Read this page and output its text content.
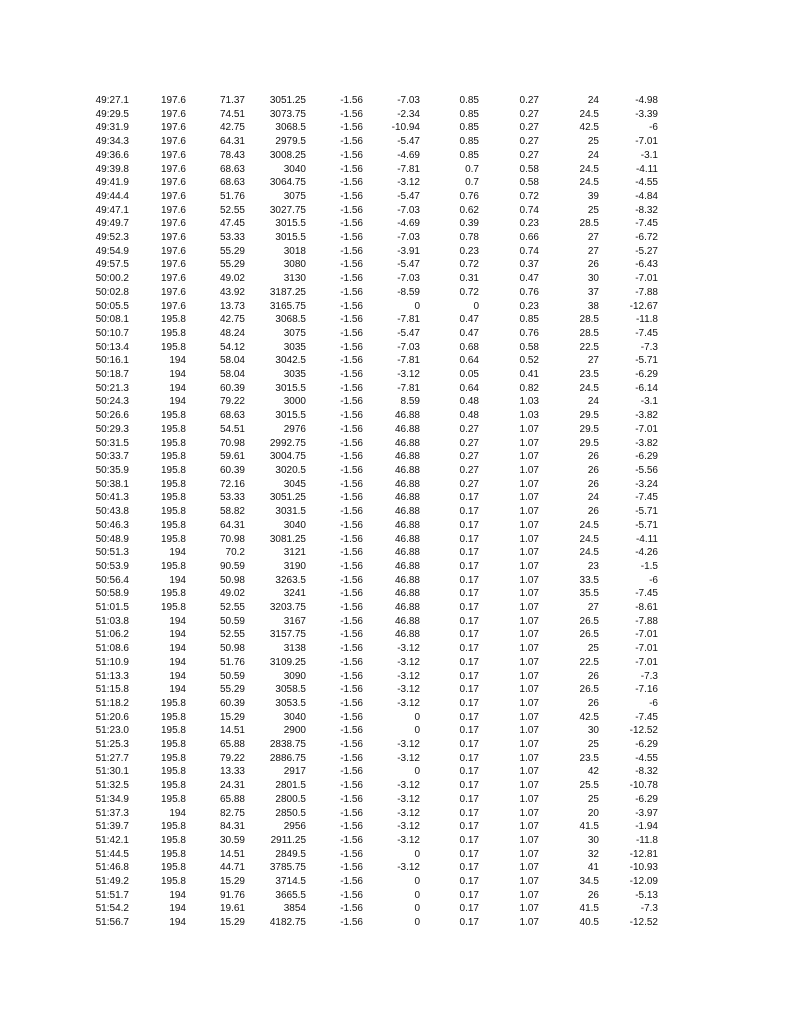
49:27.1	197.6	71.37	3051.25	-1.56	-7.03	0.85	0.27	24	-4.98
49:29.5	197.6	74.51	3073.75	-1.56	-2.34	0.85	0.27	24.5	-3.39
49:31.9	197.6	42.75	3068.5	-1.56	-10.94	0.85	0.27	42.5	-6
49:34.3	197.6	64.31	2979.5	-1.56	-5.47	0.85	0.27	25	-7.01
49:36.6	197.6	78.43	3008.25	-1.56	-4.69	0.85	0.27	24	-3.1
49:39.8	197.6	68.63	3040	-1.56	-7.81	0.7	0.58	24.5	-4.11
49:41.9	197.6	68.63	3064.75	-1.56	-3.12	0.7	0.58	24.5	-4.55
49:44.4	197.6	51.76	3075	-1.56	-5.47	0.76	0.72	39	-4.84
49:47.1	197.6	52.55	3027.75	-1.56	-7.03	0.62	0.74	25	-8.32
49:49.7	197.6	47.45	3015.5	-1.56	-4.69	0.39	0.23	28.5	-7.45
49:52.3	197.6	53.33	3015.5	-1.56	-7.03	0.78	0.66	27	-6.72
49:54.9	197.6	55.29	3018	-1.56	-3.91	0.23	0.74	27	-5.27
49:57.5	197.6	55.29	3080	-1.56	-5.47	0.72	0.37	26	-6.43
50:00.2	197.6	49.02	3130	-1.56	-7.03	0.31	0.47	30	-7.01
50:02.8	197.6	43.92	3187.25	-1.56	-8.59	0.72	0.76	37	-7.88
50:05.5	197.6	13.73	3165.75	-1.56	0	0	0.23	38	-12.67
50:08.1	195.8	42.75	3068.5	-1.56	-7.81	0.47	0.85	28.5	-11.8
50:10.7	195.8	48.24	3075	-1.56	-5.47	0.47	0.76	28.5	-7.45
50:13.4	195.8	54.12	3035	-1.56	-7.03	0.68	0.58	22.5	-7.3
50:16.1	194	58.04	3042.5	-1.56	-7.81	0.64	0.52	27	-5.71
50:18.7	194	58.04	3035	-1.56	-3.12	0.05	0.41	23.5	-6.29
50:21.3	194	60.39	3015.5	-1.56	-7.81	0.64	0.82	24.5	-6.14
50:24.3	194	79.22	3000	-1.56	8.59	0.48	1.03	24	-3.1
50:26.6	195.8	68.63	3015.5	-1.56	46.88	0.48	1.03	29.5	-3.82
50:29.3	195.8	54.51	2976	-1.56	46.88	0.27	1.07	29.5	-7.01
50:31.5	195.8	70.98	2992.75	-1.56	46.88	0.27	1.07	29.5	-3.82
50:33.7	195.8	59.61	3004.75	-1.56	46.88	0.27	1.07	26	-6.29
50:35.9	195.8	60.39	3020.5	-1.56	46.88	0.27	1.07	26	-5.56
50:38.1	195.8	72.16	3045	-1.56	46.88	0.27	1.07	26	-3.24
50:41.3	195.8	53.33	3051.25	-1.56	46.88	0.17	1.07	24	-7.45
50:43.8	195.8	58.82	3031.5	-1.56	46.88	0.17	1.07	26	-5.71
50:46.3	195.8	64.31	3040	-1.56	46.88	0.17	1.07	24.5	-5.71
50:48.9	195.8	70.98	3081.25	-1.56	46.88	0.17	1.07	24.5	-4.11
50:51.3	194	70.2	3121	-1.56	46.88	0.17	1.07	24.5	-4.26
50:53.9	195.8	90.59	3190	-1.56	46.88	0.17	1.07	23	-1.5
50:56.4	194	50.98	3263.5	-1.56	46.88	0.17	1.07	33.5	-6
50:58.9	195.8	49.02	3241	-1.56	46.88	0.17	1.07	35.5	-7.45
51:01.5	195.8	52.55	3203.75	-1.56	46.88	0.17	1.07	27	-8.61
51:03.8	194	50.59	3167	-1.56	46.88	0.17	1.07	26.5	-7.88
51:06.2	194	52.55	3157.75	-1.56	46.88	0.17	1.07	26.5	-7.01
51:08.6	194	50.98	3138	-1.56	-3.12	0.17	1.07	25	-7.01
51:10.9	194	51.76	3109.25	-1.56	-3.12	0.17	1.07	22.5	-7.01
51:13.3	194	50.59	3090	-1.56	-3.12	0.17	1.07	26	-7.3
51:15.8	194	55.29	3058.5	-1.56	-3.12	0.17	1.07	26.5	-7.16
51:18.2	195.8	60.39	3053.5	-1.56	-3.12	0.17	1.07	26	-6
51:20.6	195.8	15.29	3040	-1.56	0	0.17	1.07	42.5	-7.45
51:23.0	195.8	14.51	2900	-1.56	0	0.17	1.07	30	-12.52
51:25.3	195.8	65.88	2838.75	-1.56	-3.12	0.17	1.07	25	-6.29
51:27.7	195.8	79.22	2886.75	-1.56	-3.12	0.17	1.07	23.5	-4.55
51:30.1	195.8	13.33	2917	-1.56	0	0.17	1.07	42	-8.32
51:32.5	195.8	24.31	2801.5	-1.56	-3.12	0.17	1.07	25.5	-10.78
51:34.9	195.8	65.88	2800.5	-1.56	-3.12	0.17	1.07	25	-6.29
51:37.3	194	82.75	2850.5	-1.56	-3.12	0.17	1.07	20	-3.97
51:39.7	195.8	84.31	2956	-1.56	-3.12	0.17	1.07	41.5	-1.94
51:42.1	195.8	30.59	2911.25	-1.56	-3.12	0.17	1.07	30	-11.8
51:44.5	195.8	14.51	2849.5	-1.56	0	0.17	1.07	32	-12.81
51:46.8	195.8	44.71	3785.75	-1.56	-3.12	0.17	1.07	41	-10.93
51:49.2	195.8	15.29	3714.5	-1.56	0	0.17	1.07	34.5	-12.09
51:51.7	194	91.76	3665.5	-1.56	0	0.17	1.07	26	-5.13
51:54.2	194	19.61	3854	-1.56	0	0.17	1.07	41.5	-7.3
51:56.7	194	15.29	4182.75	-1.56	0	0.17	1.07	40.5	-12.52
